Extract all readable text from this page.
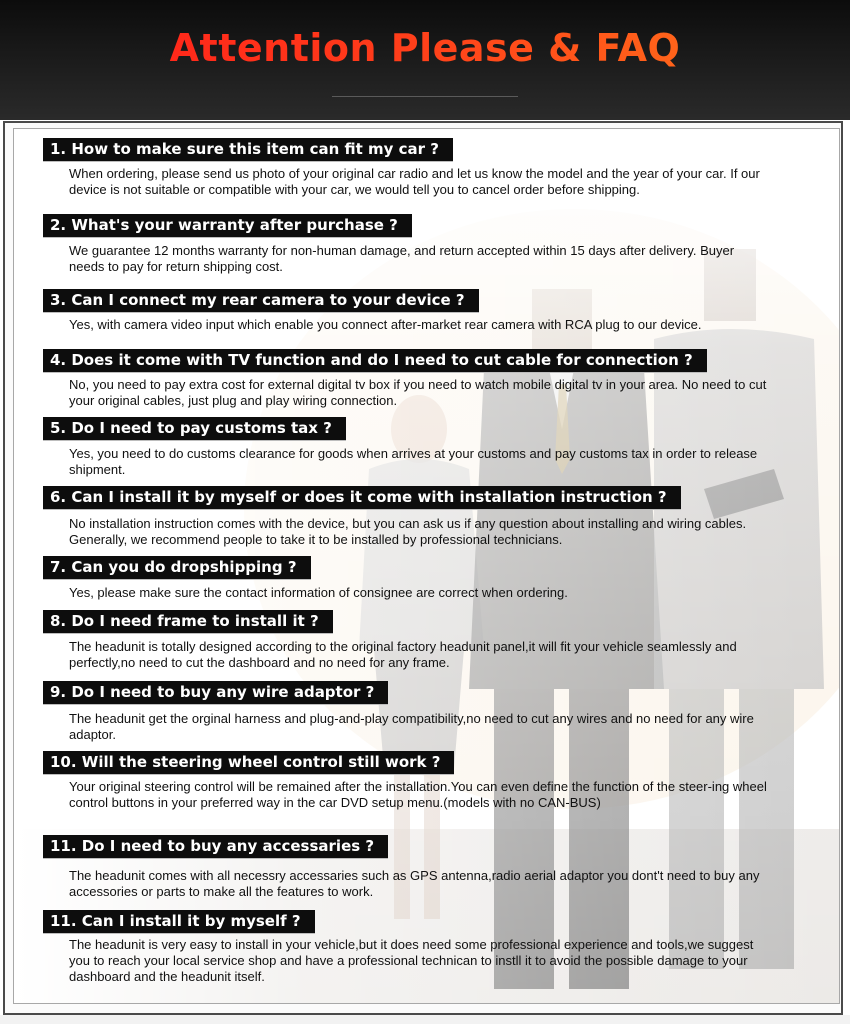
Attention Please & FAQ
1. How to make sure this item can fit my car ?
When ordering, please send us photo of your original car radio and let us know the model and the year of your car. If our device is not suitable or compatible with your car, we would tell you to cancel order before shipping.
2. What's your warranty after purchase ?
We guarantee 12 months warranty for non-human damage, and return accepted within 15 days after delivery. Buyer needs to pay for return shipping cost.
3. Can I connect my rear camera to your device ?
Yes, with camera video input which enable you connect after-market rear camera with RCA plug to our device.
4. Does it come with TV function and do I need to cut cable for connection ?
No, you need to pay extra cost for external digital tv box if you need to watch mobile digital tv in your area. No need to cut your original cables, just plug and play wiring connection.
5. Do I need to pay customs tax ?
Yes, you need to do customs clearance for goods when arrives at your customs and pay customs tax in order to release shipment.
6. Can I install it by myself or does it come with installation instruction ?
No installation instruction comes with the device, but you can ask us if any question about installing and wiring cables. Generally, we recommend people to take it to be installed by professional technicians.
7. Can you do dropshipping ?
Yes, please make sure the contact information of consignee are correct when ordering.
8. Do I need frame to install it ?
The headunit is totally designed according to the original factory headunit panel,it will fit your vehicle seamlessly and perfectly,no need to cut the dashboard and no need for any frame.
9. Do I need to buy any wire adaptor ?
The headunit get the orginal harness and plug-and-play compatibility,no need to cut any wires and no need for any wire adaptor.
10. Will the steering wheel control still work ?
Your original steering control will be remained after the installation.You can even define the function of the steer-ing wheel control buttons in your preferred way in the car DVD setup menu.(models with no CAN-BUS)
11. Do I need to buy any accessaries ?
The headunit comes with all necessry accessaries such as GPS antenna,radio aerial adaptor you dont't need to buy any accessories or parts to make all the features to work.
11. Can I install it by myself ?
The headunit is very easy to install in your vehicle,but it does need some professional experience and tools,we suggest you to reach your local service shop and have a professional technican to instll it to avoid the possible damage to your dashboard and the headunit itself.
